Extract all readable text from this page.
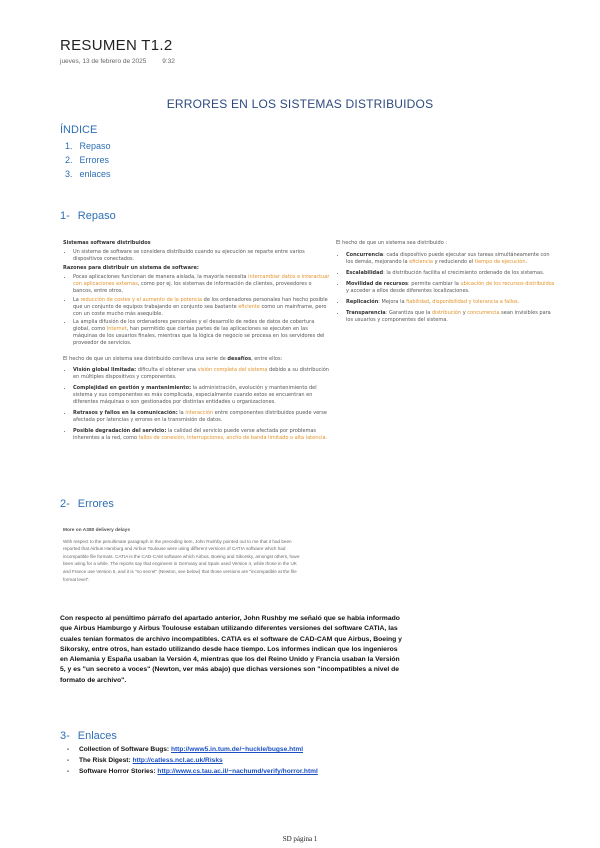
RESUMEN T1.2
jueves, 13 de febrero de 2025 9:32
ERRORES EN LOS SISTEMAS DISTRIBUIDOS
ÍNDICE
1. Repaso
2. Errores
3. enlaces
1- Repaso
Sistemas software distribuidos
• Un sistema de software se considera distribuido cuando su ejecución se reparte entre varios dispositivos conectados.
Razones para distribuir un sistema de software:
• Pocas aplicaciones funcionan de manera aislada, la mayoría necesita intercambiar datos e interactuar con aplicaciones externas, como por ej. los sistemas de información de clientes, proveedores o bancos, entre otros.
• La reducción de costes y el aumento de la potencia de los ordenadores personales han hecho posible que un conjunto de equipos trabajando en conjunto sea bastante eficiente como un mainframe, pero con un coste mucho más asequible.
• La amplia difusión de los ordenadores personales y el desarrollo de redes de datos de cobertura global, como Internet, han permitido que ciertas partes de las aplicaciones se ejecuten en las máquinas de los usuarios finales, mientras que la lógica de negocio se procesa en los servidores del proveedor de servicios.
El hecho de que un sistema sea distribuido conlleva una serie de desafíos, entre ellos:
• Visión global limitada: dificulta el obtener una visión completa del sistema debido a su distribución en múltiples dispositivos y componentes.
• Complejidad en gestión y mantenimiento: la administración, evolución y mantenimiento del sistema y sus componentes es más complicada, especialmente cuando estos se encuentran en diferentes máquinas o son gestionados por distintas entidades u organizaciones.
• Retrasos y fallos en la comunicación: la interacción entre componentes distribuidos puede verse afectada por latencias y errores en la transmisión de datos.
• Posible degradación del servicio: la calidad del servicio puede verse afectada por problemas inherentes a la red, como fallos de conexión, interrupciones, ancho de banda limitado o alta latencia.
El hecho de que un sistema sea distribuido :
• Concurrencia: cada dispositivo puede ejecutar sus tareas simultáneamente con los demás, mejorando la eficiencia y reduciendo el tiempo de ejecución.
• Escalabilidad: la distribución facilita el crecimiento ordenado de los sistemas.
• Movilidad de recursos: permite cambiar la ubicación de los recursos distribuidos y acceder a ellos desde diferentes localizaciones.
• Replicación: Mejora la fiabilidad, disponibilidad y tolerancia a fallos.
• Transparencia: Garantiza que la distribución y concurrencia sean invisibles para los usuarios y componentes del sistema.
2- Errores
More on A380 delivery delays
With respect to the penultimate paragraph in the preceding item, John Rushby pointed out to me that it had been reported that Airbus Hamburg and Airbus Toulouse were using different versions of CATIA software which had incompatible file formats. CATIA is the CAD-CAM software which Airbus, Boeing and Sikorsky, amongst others, have been using for a while. The reports say that engineers in Germany and Spain used Version 4, while those in the UK and France use Version 5, and it is "no secret" (Newton, see below) that those versions are "incompatible at the file format level".
Con respecto al penúltimo párrafo del apartado anterior, John Rushby me señaló que se había informado que Airbus Hamburgo y Airbus Toulouse estaban utilizando diferentes versiones del software CATIA, las cuales tenían formatos de archivo incompatibles. CATIA es el software de CAD-CAM que Airbus, Boeing y Sikorsky, entre otros, han estado utilizando desde hace tiempo. Los informes indican que los ingenieros en Alemania y España usaban la Versión 4, mientras que los del Reino Unido y Francia usaban la Versión 5, y es "un secreto a voces" (Newton, ver más abajo) que dichas versiones son "incompatibles a nivel de formato de archivo".
3- Enlaces
- Collection of Software Bugs: http://www5.in.tum.de/~huckle/bugse.html
- The Risk Digest: http://catless.ncl.ac.uk/Risks
- Software Horror Stories: http://www.cs.tau.ac.il/~nachumd/verify/horror.html
SD página 1
